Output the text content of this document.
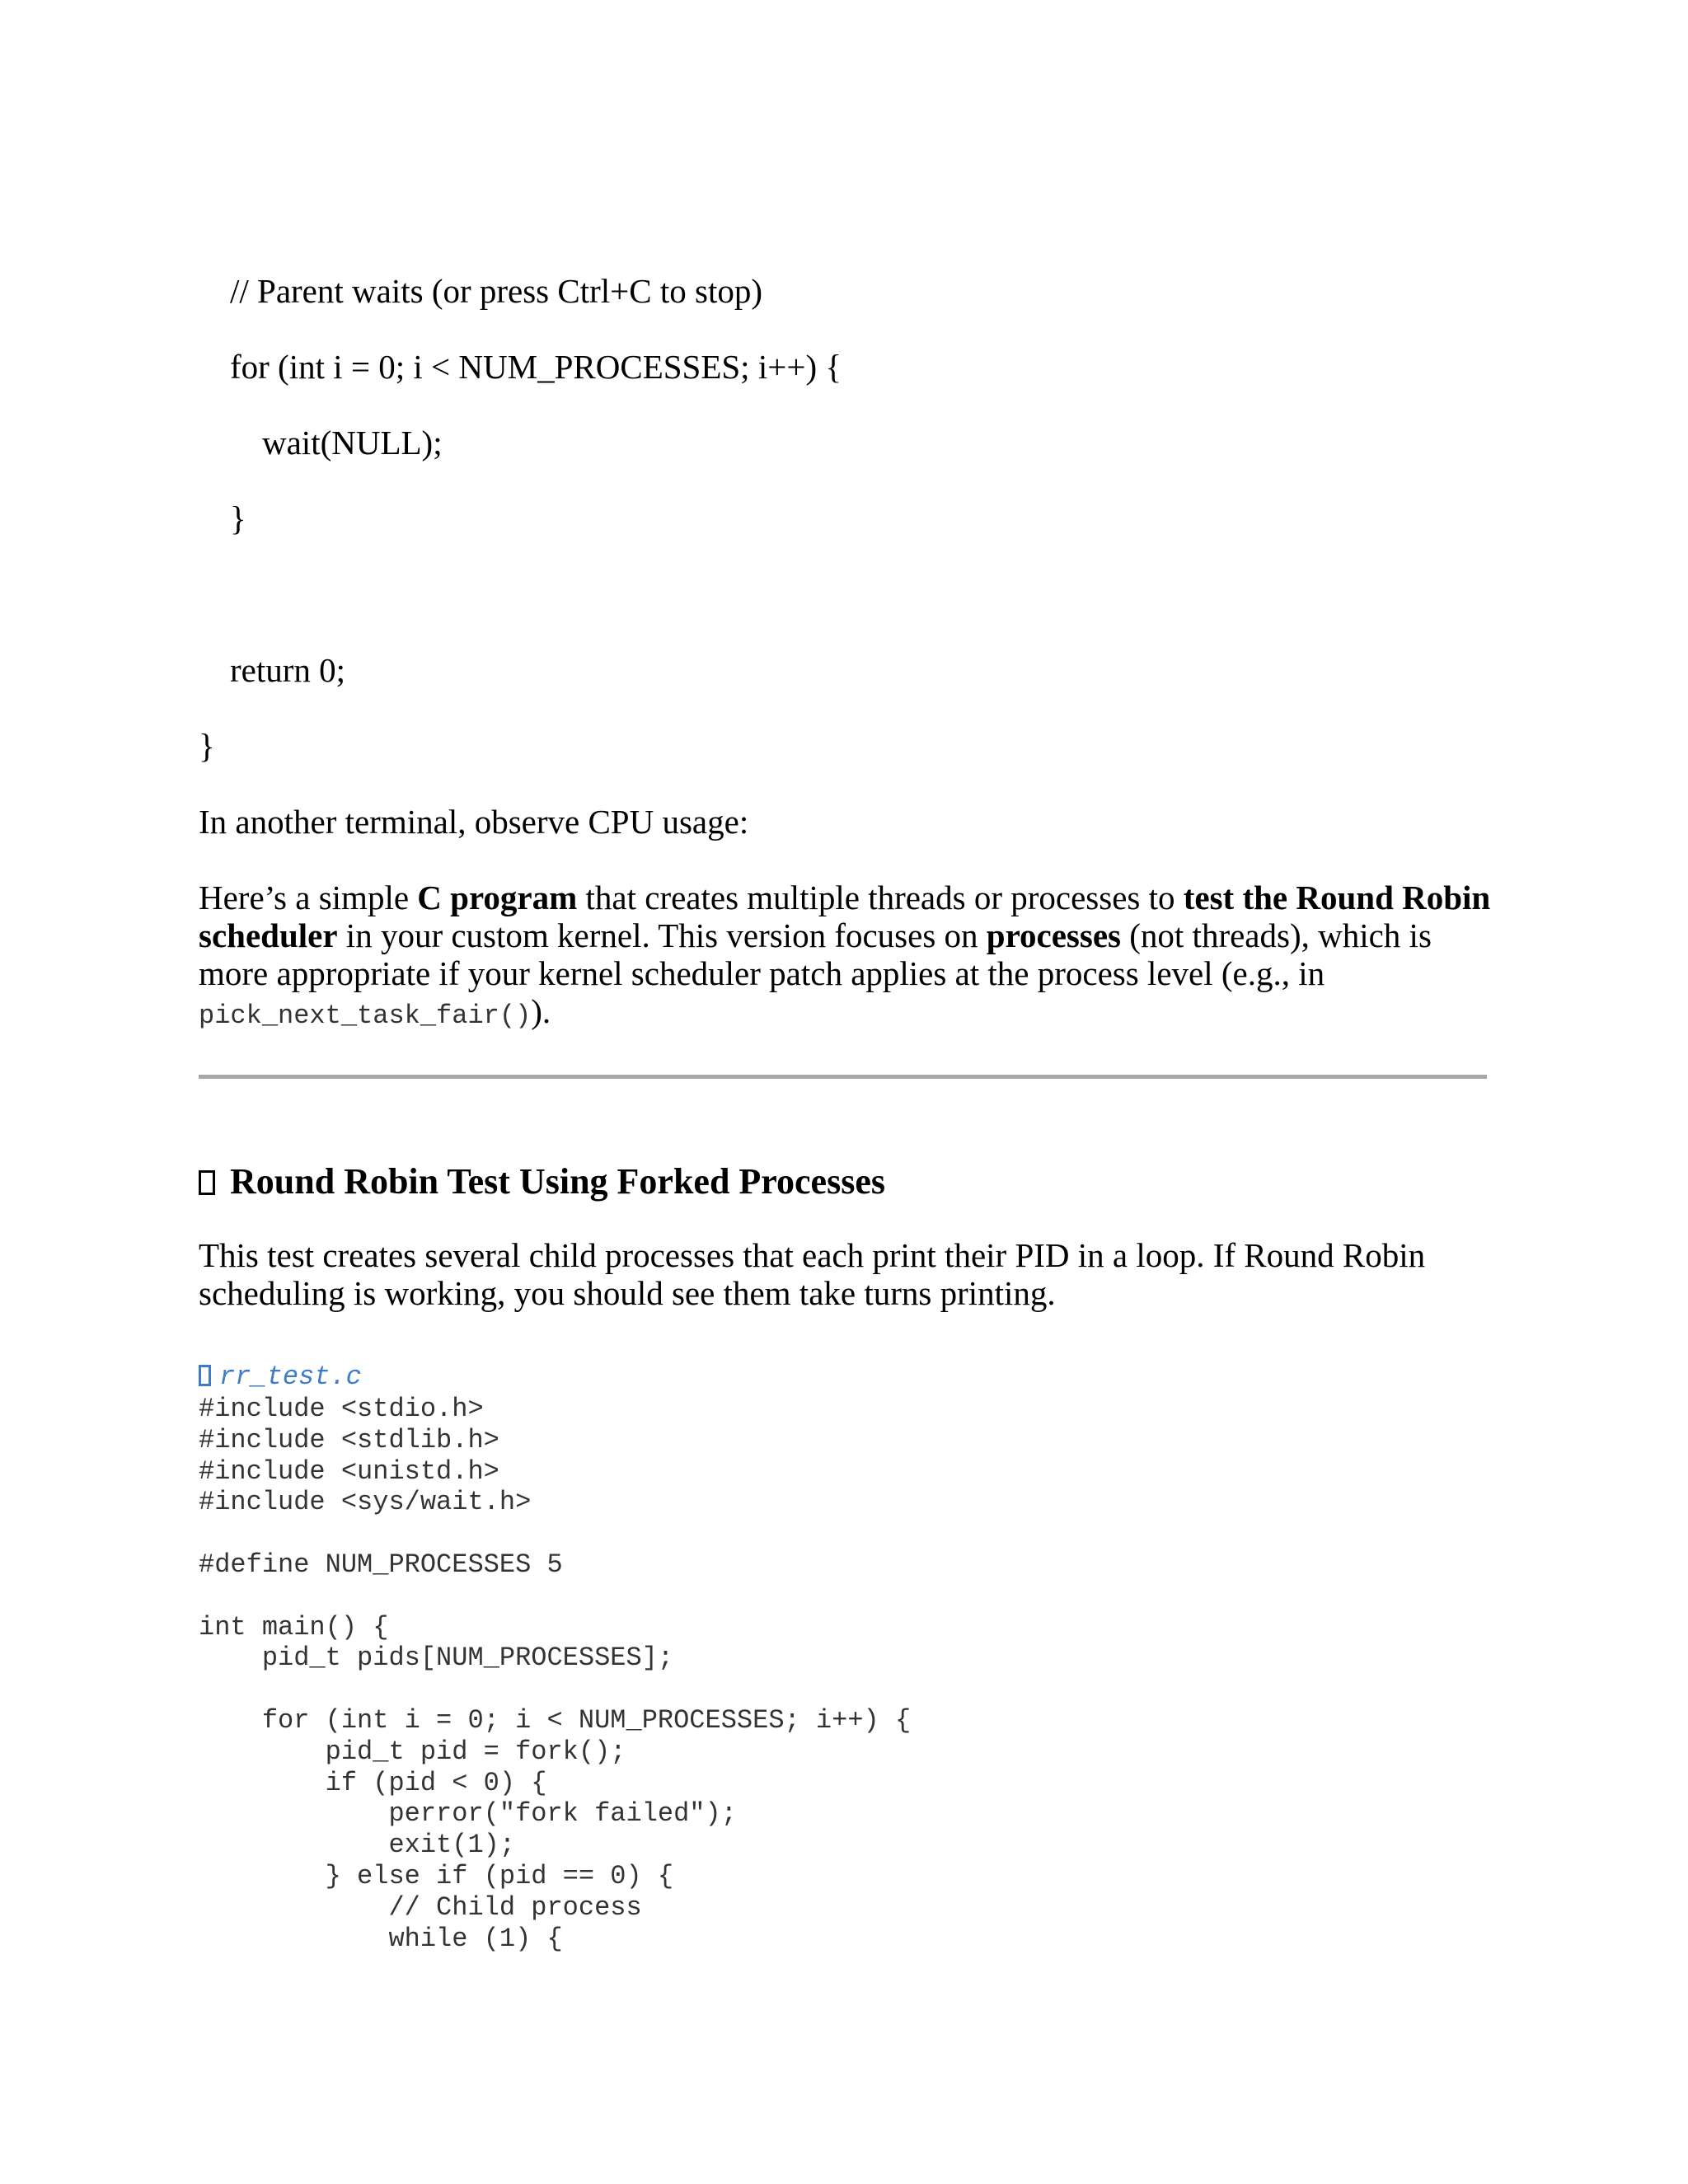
// Parent waits (or press Ctrl+C to stop)

for (int i = 0; i < NUM_PROCESSES; i++) {

wait(NULL);

}

return 0;

}

In another terminal, observe CPU usage:

Here’s a simple C program that creates multiple threads or processes to test the Round Robin scheduler in your custom kernel. This version focuses on processes (not threads), which is more appropriate if your kernel scheduler patch applies at the process level (e.g., in
pick_next_task_fair()).

Round Robin Test Using Forked Processes

This test creates several child processes that each print their PID in a loop. If Round Robin scheduling is working, you should see them take turns printing.

rr_test.c
#include <stdio.h>
#include <stdlib.h>
#include <unistd.h>
#include <sys/wait.h>
#define NUM_PROCESSES 5
int main() {
pid_t pids[NUM_PROCESSES];
for (int i = 0; i < NUM_PROCESSES; i++) {
pid_t pid = fork();
if (pid < 0) {
perror("fork failed");
exit(1);
} else if (pid == 0) {
// Child process
while (1) {
